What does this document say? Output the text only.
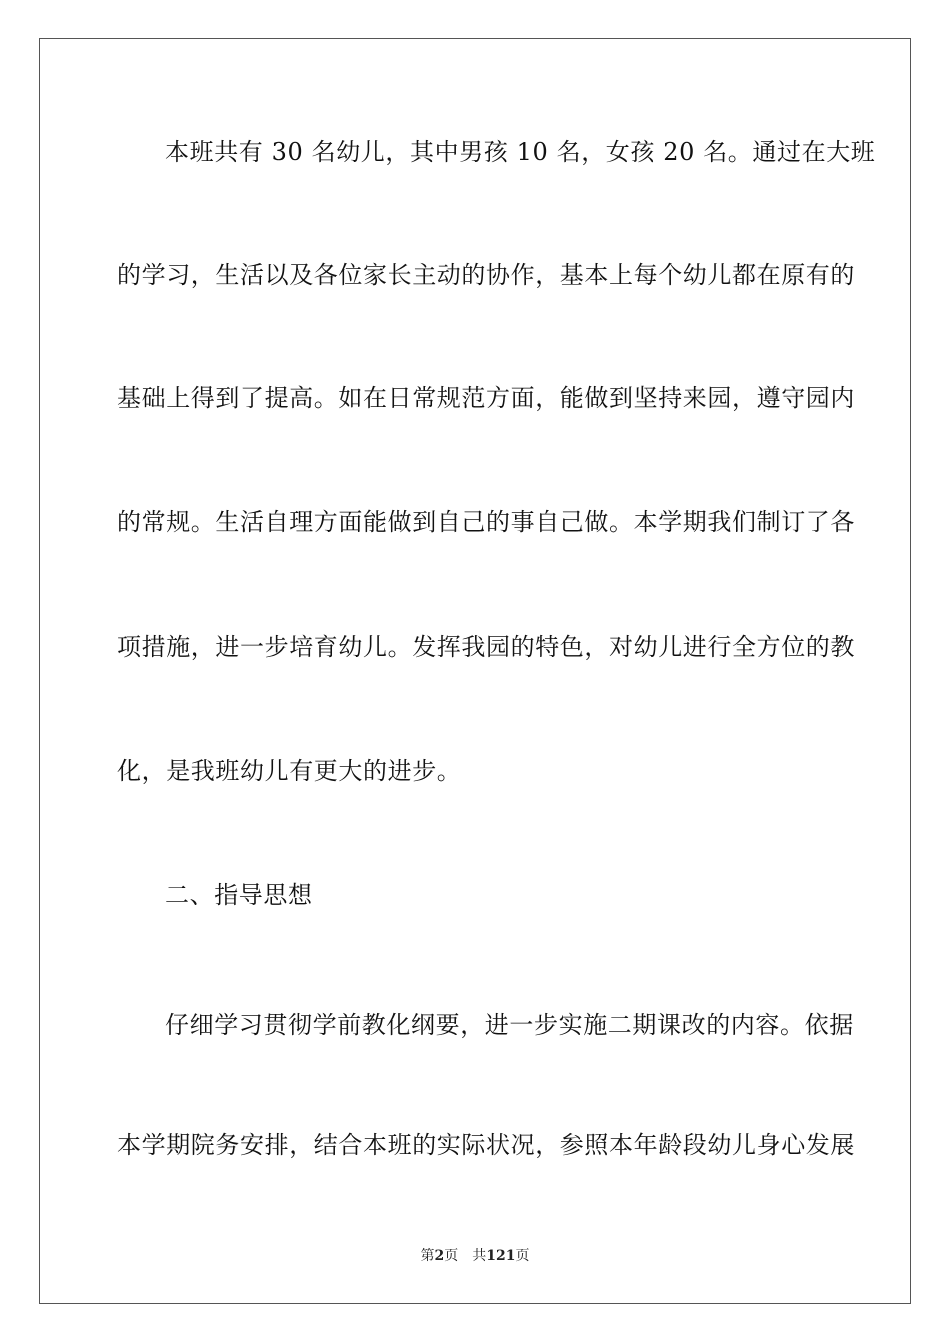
本班共有 30 名幼儿，其中男孩 10 名，女孩 20 名。通过在大班
的学习，生活以及各位家长主动的协作，基本上每个幼儿都在原有的
基础上得到了提高。如在日常规范方面，能做到坚持来园，遵守园内
的常规。生活自理方面能做到自己的事自己做。本学期我们制订了各
项措施，进一步培育幼儿。发挥我园的特色，对幼儿进行全方位的教
化，是我班幼儿有更大的进步。
二、指导思想
仔细学习贯彻学前教化纲要，进一步实施二期课改的内容。依据
本学期院务安排，结合本班的实际状况，参照本年龄段幼儿身心发展
第2页 共121页
